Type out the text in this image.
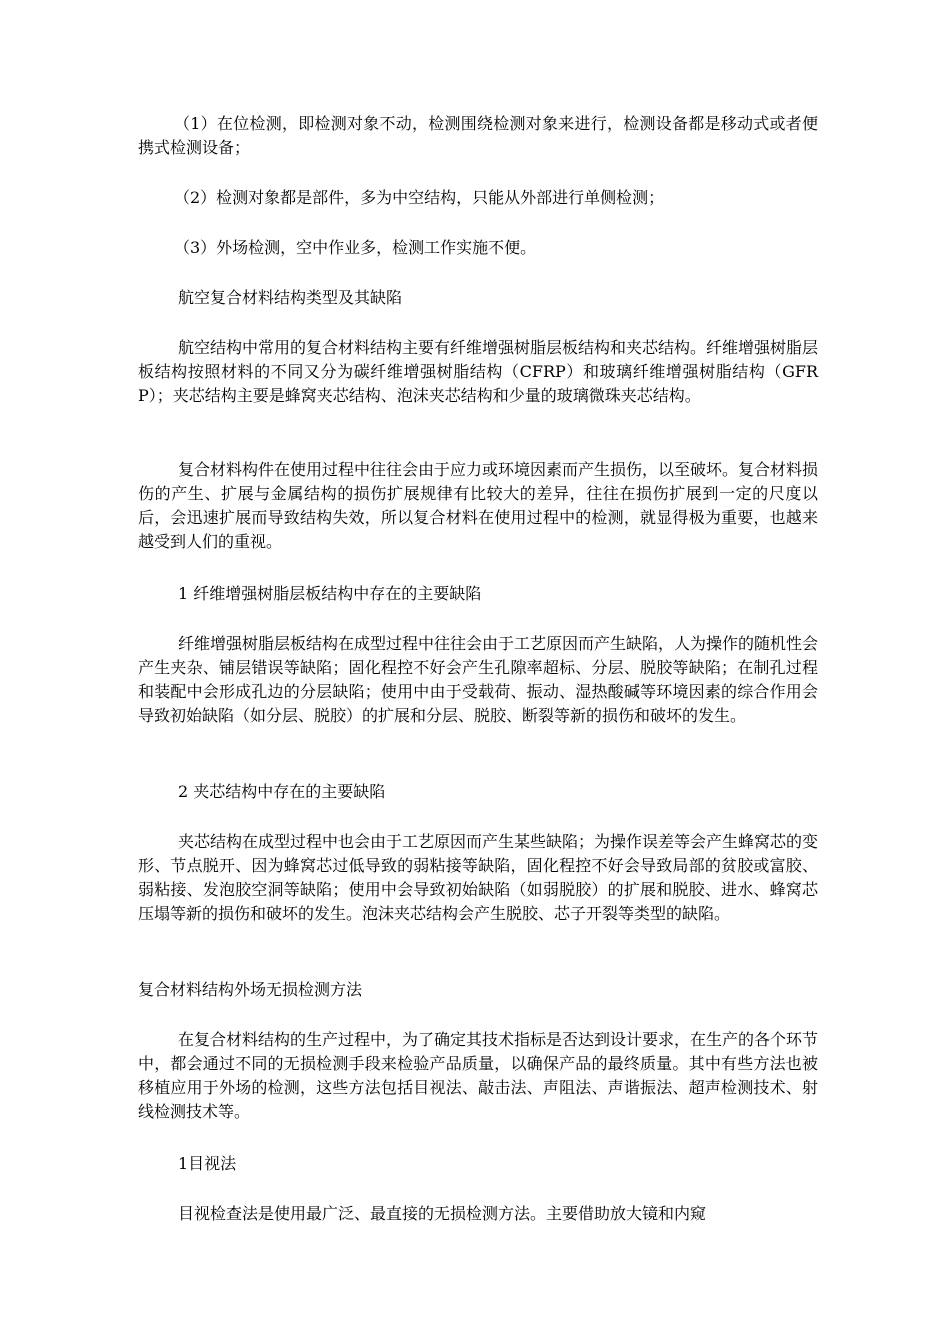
（1）在位检测，即检测对象不动，检测围绕检测对象来进行，检测设备都是移动式或者便携式检测设备；

（2）检测对象都是部件，多为中空结构，只能从外部进行单侧检测；

（3）外场检测，空中作业多，检测工作实施不便。

航空复合材料结构类型及其缺陷

航空结构中常用的复合材料结构主要有纤维增强树脂层板结构和夹芯结构。纤维增强树脂层板结构按照材料的不同又分为碳纤维增强树脂结构（CFRP）和玻璃纤维增强树脂结构（GFRP）；夹芯结构主要是蜂窝夹芯结构、泡沫夹芯结构和少量的玻璃微珠夹芯结构。

复合材料构件在使用过程中往往会由于应力或环境因素而产生损伤，以至破坏。复合材料损伤的产生、扩展与金属结构的损伤扩展规律有比较大的差异，往往在损伤扩展到一定的尺度以后，会迅速扩展而导致结构失效，所以复合材料在使用过程中的检测，就显得极为重要，也越来越受到人们的重视。

1 纤维增强树脂层板结构中存在的主要缺陷

纤维增强树脂层板结构在成型过程中往往会由于工艺原因而产生缺陷，人为操作的随机性会产生夹杂、铺层错误等缺陷；固化程控不好会产生孔隙率超标、分层、脱胶等缺陷；在制孔过程和装配中会形成孔边的分层缺陷；使用中由于受载荷、振动、湿热酸碱等环境因素的综合作用会导致初始缺陷（如分层、脱胶）的扩展和分层、脱胶、断裂等新的损伤和破坏的发生。

2 夹芯结构中存在的主要缺陷

夹芯结构在成型过程中也会由于工艺原因而产生某些缺陷；为操作误差等会产生蜂窝芯的变形、节点脱开、因为蜂窝芯过低导致的弱粘接等缺陷，固化程控不好会导致局部的贫胶或富胶、弱粘接、发泡胶空洞等缺陷；使用中会导致初始缺陷（如弱脱胶）的扩展和脱胶、进水、蜂窝芯压塌等新的损伤和破坏的发生。泡沫夹芯结构会产生脱胶、芯子开裂等类型的缺陷。

复合材料结构外场无损检测方法

在复合材料结构的生产过程中，为了确定其技术指标是否达到设计要求，在生产的各个环节中，都会通过不同的无损检测手段来检验产品质量，以确保产品的最终质量。其中有些方法也被移植应用于外场的检测，这些方法包括目视法、敲击法、声阻法、声谐振法、超声检测技术、射线检测技术等。

1目视法

目视检查法是使用最广泛、最直接的无损检测方法。主要借助放大镜和内窥
